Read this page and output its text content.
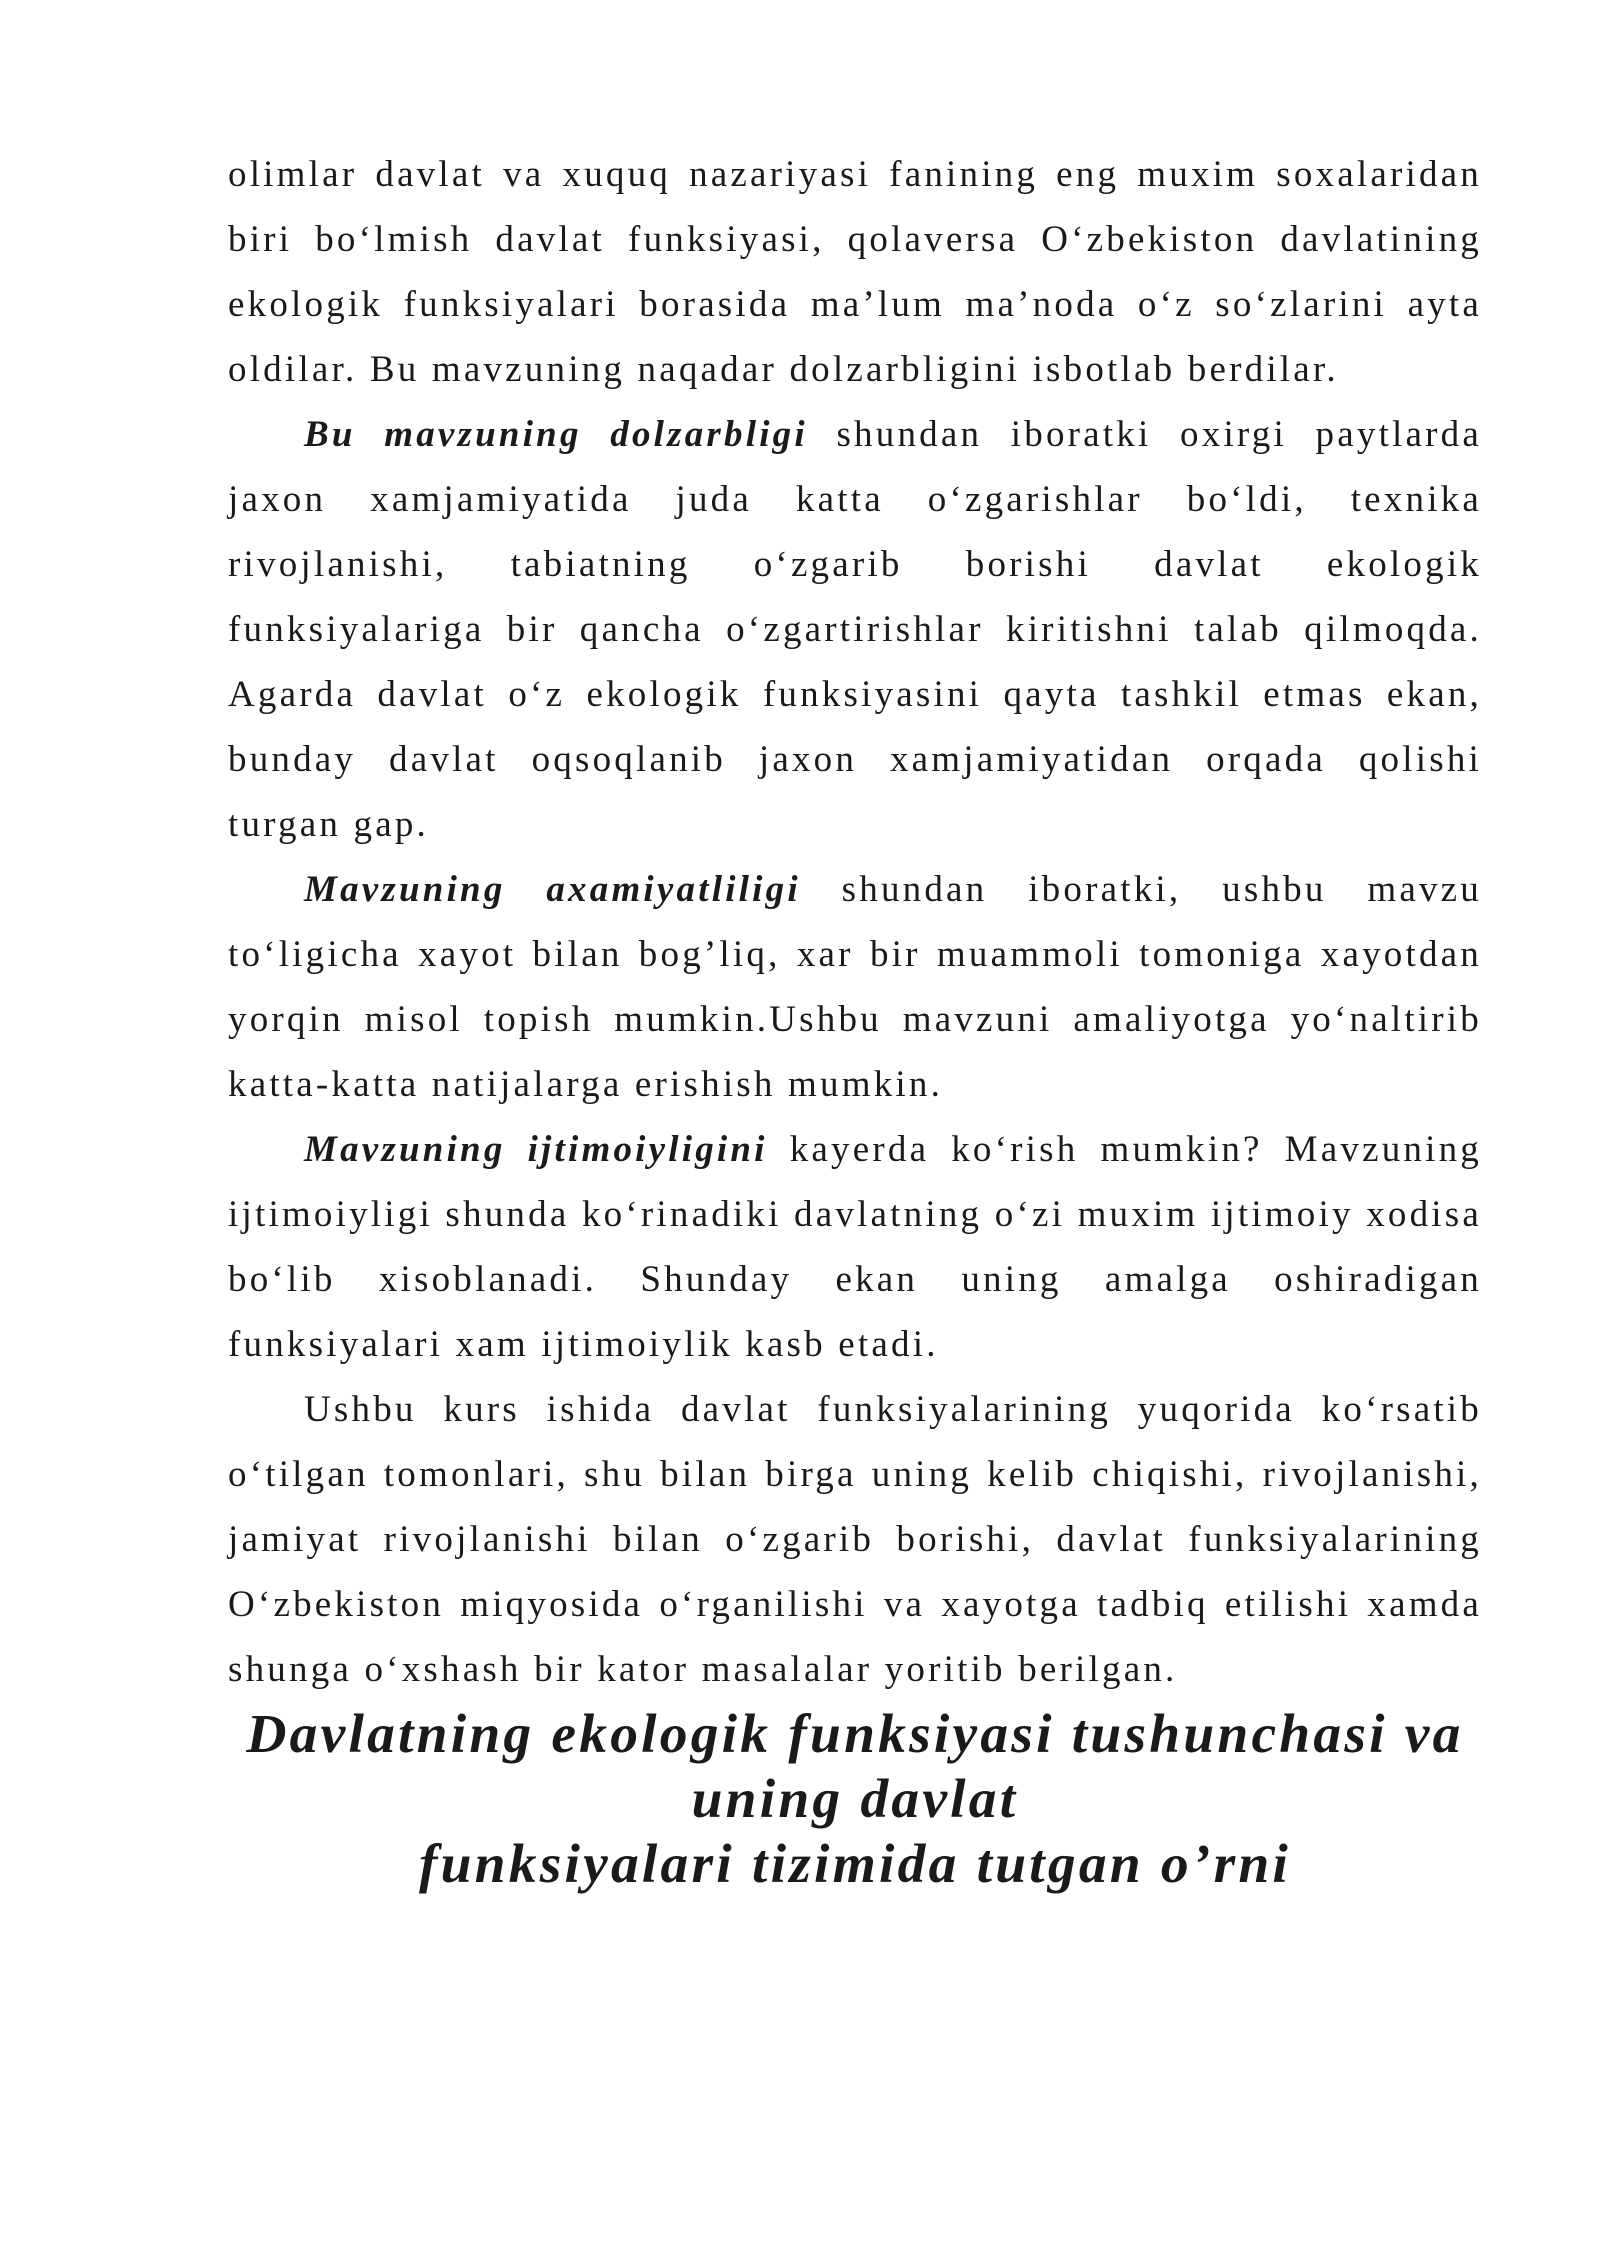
olimlar davlat va xuquq nazariyasi fanining eng muxim soxalaridan biri bo‘lmish davlat funksiyasi, qolaversa O‘zbekiston davlatining ekologik funksiyalari borasida ma’lum ma’noda o‘z so‘zlarini ayta oldilar. Bu mavzuning naqadar dolzarbligini isbotlab berdilar.

Bu mavzuning dolzarbligi shundan iboratki oxirgi paytlarda jaxon xamjamiyatida juda katta o‘zgarishlar bo‘ldi, texnika rivojlanishi, tabiatning o‘zgarib borishi davlat ekologik funksiyalariga bir qancha o‘zgartirishlar kiritishni talab qilmoqda. Agarda davlat o‘z ekologik funksiyasini qayta tashkil etmas ekan, bunday davlat oqsoqlanib jaxon xamjamiyatidan orqada qolishi turgan gap.

Mavzuning axamiyatliligi shundan iboratki, ushbu mavzu to‘ligicha xayot bilan bog’liq, xar bir muammoli tomoniga xayotdan yorqin misol topish mumkin.Ushbu mavzuni amaliyotga yo‘naltirib katta-katta natijalarga erishish mumkin.

Mavzuning ijtimoiyligini kayerda ko‘rish mumkin? Mavzuning ijtimoiyligi shunda ko‘rinadiki davlatning o‘zi muxim ijtimoiy xodisa bo‘lib xisoblanadi. Shunday ekan uning amalga oshiradigan funksiyalari xam ijtimoiylik kasb etadi.

Ushbu kurs ishida davlat funksiyalarining yuqorida ko‘rsatib o‘tilgan tomonlari, shu bilan birga uning kelib chiqishi, rivojlanishi, jamiyat rivojlanishi bilan o‘zgarib borishi, davlat funksiyalarining O‘zbekiston miqyosida o‘rganilishi va xayotga tadbiq etilishi xamda shunga o‘xshash bir kator masalalar yoritib berilgan.

Davlatning ekologik funksiyasi tushunchasi va uning davlat
funksiyalari tizimida tutgan o’rni
